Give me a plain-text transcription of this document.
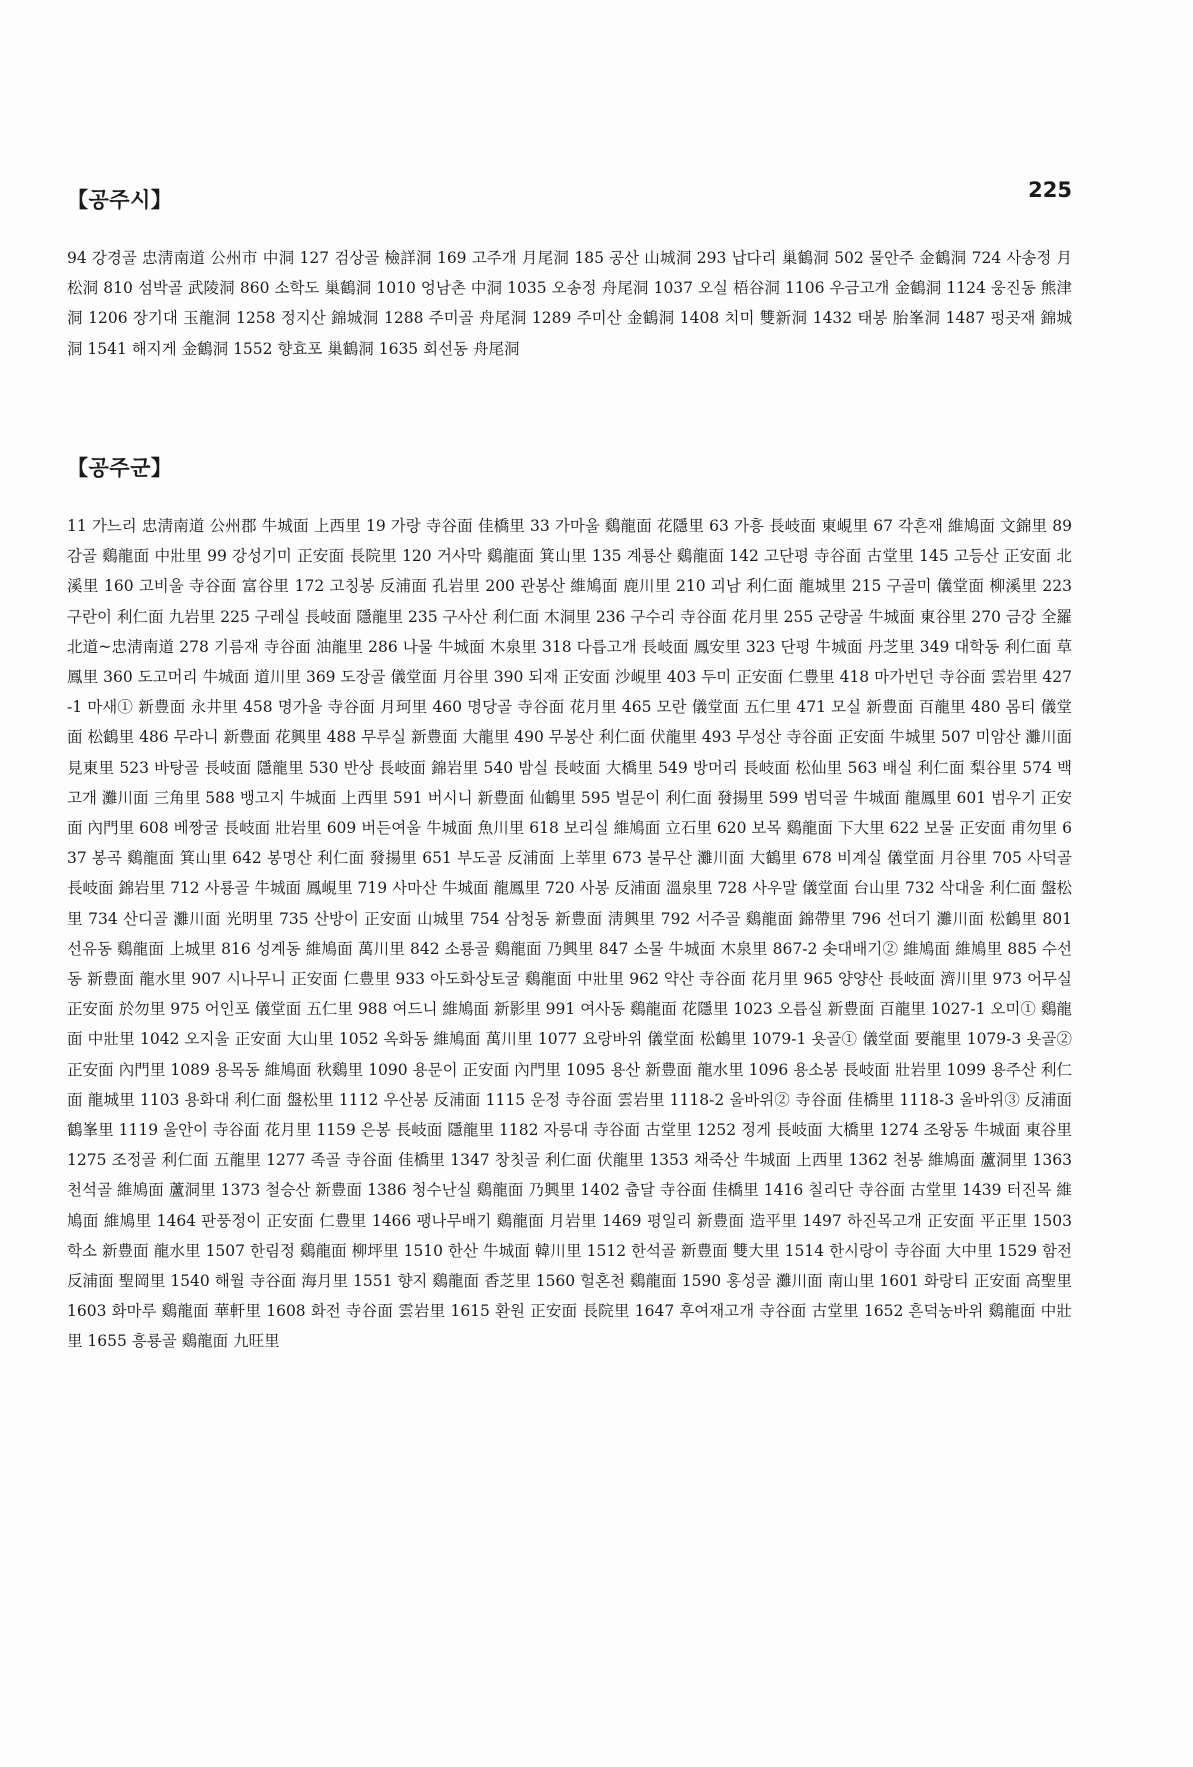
【공주시】	225

94 강경골 忠淸南道 公州市 中洞 127 검상골 檢詳洞 169 고주개 月尾洞 185 공산 山城洞 293 납다리 巢鶴洞 502 물안주 金鶴洞 724 사송정 月松洞 810 섬박골 武陵洞 860 소학도 巢鶴洞 1010 엉남촌 中洞 1035 오송정 舟尾洞 1037 오실 梧谷洞 1106 우금고개 金鶴洞 1124 웅진동 熊津洞 1206 장기대 玉龍洞 1258 정지산 錦城洞 1288 주미골 舟尾洞 1289 주미산 金鶴洞 1408 치미 雙新洞 1432 태봉 胎峯洞 1487 펑곳재 錦城洞 1541 해지게 金鶴洞 1552 향효포 巢鶴洞 1635 회선동 舟尾洞

【공주군】

11 가느리 忠淸南道 公州郡 牛城面 上西里 19 가랑 寺谷面 佳橋里 33 가마울 鷄龍面 花隱里 63 가흥 長岐面 東峴里 67 각흔재 維鳩面 文錦里 89 감골 鷄龍面 中壯里 99 강성기미 正安面 長院里 120 거사막 鷄龍面 箕山里 135 계룡산 鷄龍面 142 고단평 寺谷面 古堂里 145 고등산 正安面 北溪里 160 고비울 寺谷面 富谷里 172 고칭봉 反浦面 孔岩里 200 관봉산 維鳩面 鹿川里 210 괴남 利仁面 龍城里 215 구골미 儀堂面 柳溪里 223 구란이 利仁面 九岩里 225 구레실 長岐面 隱龍里 235 구사산 利仁面 木洞里 236 구수리 寺谷面 花月里 255 군량골 牛城面 東谷里 270 금강 全羅北道~忠淸南道 278 기름재 寺谷面 油龍里 286 나물 牛城面 木泉里 318 다릅고개 長岐面 鳳安里 323 단평 牛城面 丹芝里 349 대학동 利仁面 草鳳里 360 도고머리 牛城面 道川里 369 도장골 儀堂面 月谷里 390 되재 正安面 沙峴里 403 두미 正安面 仁豊里 418 마가번던 寺谷面 雲岩里 427-1 마새① 新豊面 永井里 458 명가울 寺谷面 月珂里 460 명당골 寺谷面 花月里 465 모란 儀堂面 五仁里 471 모실 新豊面 百龍里 480 몸티 儀堂面 松鶴里 486 무라니 新豊面 花興里 488 무루실 新豊面 大龍里 490 무봉산 利仁面 伏龍里 493 무성산 寺谷面 正安面 牛城里 507 미암산 灘川面 見東里 523 바탕골 長岐面 隱龍里 530 반상 長岐面 錦岩里 540 밤실 長岐面 大橋里 549 방머리 長岐面 松仙里 563 배실 利仁面 梨谷里 574 백고개 灘川面 三角里 588 뱅고지 牛城面 上西里 591 버시니 新豊面 仙鶴里 595 벌문이 利仁面 發揚里 599 범덕골 牛城面 龍鳳里 601 범우기 正安面 內門里 608 베짱굴 長岐面 壯岩里 609 버든여울 牛城面 魚川里 618 보리실 維鳩面 立石里 620 보목 鷄龍面 下大里 622 보물 正安面 甫勿里 637 봉곡 鷄龍面 箕山里 642 봉명산 利仁面 發揚里 651 부도골 反浦面 上莘里 673 불무산 灘川面 大鶴里 678 비계실 儀堂面 月谷里 705 사덕골 長岐面 錦岩里 712 사룡골 牛城面 鳳峴里 719 사마산 牛城面 龍鳳里 720 사봉 反浦面 溫泉里 728 사우말 儀堂面 台山里 732 삭대울 利仁面 盤松里 734 산디골 灘川面 光明里 735 산방이 正安面 山城里 754 삼청동 新豊面 淸興里 792 서주골 鷄龍面 錦帶里 796 선더기 灘川面 松鶴里 801 선유동 鷄龍面 上城里 816 성계동 維鳩面 萬川里 842 소룡골 鷄龍面 乃興里 847 소물 牛城面 木泉里 867-2 솟대배기② 維鳩面 維鳩里 885 수선동 新豊面 龍水里 907 시나무니 正安面 仁豊里 933 아도화상토굴 鷄龍面 中壯里 962 약산 寺谷面 花月里 965 양양산 長岐面 濟川里 973 어무실 正安面 於勿里 975 어인포 儀堂面 五仁里 988 여드니 維鳩面 新影里 991 여사동 鷄龍面 花隱里 1023 오릅실 新豊面 百龍里 1027-1 오미① 鷄龍面 中壯里 1042 오지울 正安面 大山里 1052 옥화동 維鳩面 萬川里 1077 요랑바위 儀堂面 松鶴里 1079-1 욧골① 儀堂面 要龍里 1079-3 욧골② 正安面 內門里 1089 용목동 維鳩面 秋鷄里 1090 용문이 正安面 內門里 1095 용산 新豊面 龍水里 1096 용소봉 長岐面 壯岩里 1099 용주산 利仁面 龍城里 1103 용화대 利仁面 盤松里 1112 우산봉 反浦面 1115 운정 寺谷面 雲岩里 1118-2 울바위② 寺谷面 佳橋里 1118-3 울바위③ 反浦面 鶴峯里 1119 울안이 寺谷面 花月里 1159 은봉 長岐面 隱龍里 1182 자릉대 寺谷面 古堂里 1252 정게 長岐面 大橋里 1274 조왕동 牛城面 東谷里 1275 조정골 利仁面 五龍里 1277 족골 寺谷面 佳橋里 1347 창칫골 利仁面 伏龍里 1353 채죽산 牛城面 上西里 1362 천봉 維鳩面 蘆洞里 1363 천석골 維鳩面 蘆洞里 1373 철승산 新豊面 1386 청수난실 鷄龍面 乃興里 1402 춥달 寺谷面 佳橋里 1416 칠리단 寺谷面 古堂里 1439 터진목 維鳩面 維鳩里 1464 판풍정이 正安面 仁豊里 1466 팽나무배기 鷄龍面 月岩里 1469 평일리 新豊面 造平里 1497 하진목고개 正安面 平正里 1503 학소 新豊面 龍水里 1507 한림정 鷄龍面 柳坪里 1510 한산 牛城面 韓川里 1512 한석골 新豊面 雙大里 1514 한시랑이 寺谷面 大中里 1529 함전 反浦面 聖岡里 1540 해월 寺谷面 海月里 1551 향지 鷄龍面 香芝里 1560 헐혼천 鷄龍面 1590 홍성골 灘川面 南山里 1601 화랑티 正安面 高聖里 1603 화마루 鷄龍面 華軒里 1608 화전 寺谷面 雲岩里 1615 환원 正安面 長院里 1647 후여재고개 寺谷面 古堂里 1652 흔덕농바위 鷄龍面 中壯里 1655 흥룡골 鷄龍面 九旺里
